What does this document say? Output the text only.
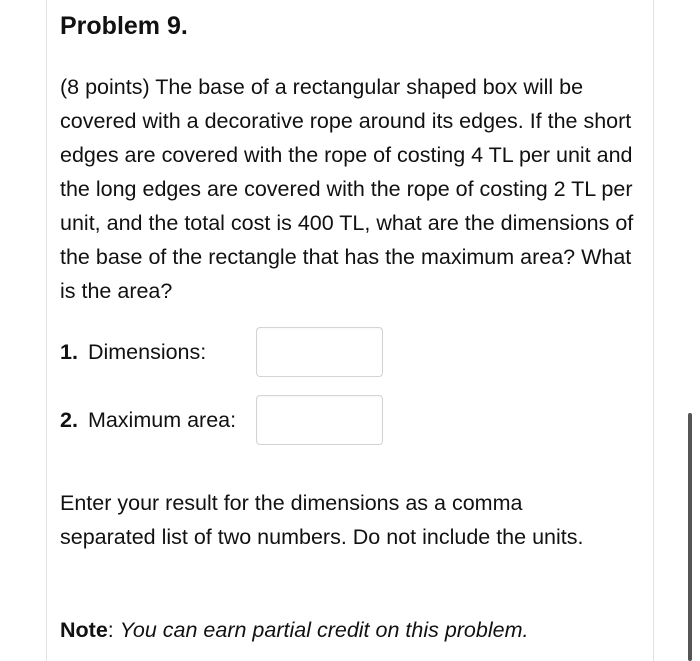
Problem 9.

(8 points) The base of a rectangular shaped box will be covered with a decorative rope around its edges. If the short edges are covered with the rope of costing 4 TL per unit and the long edges are covered with the rope of costing 2 TL per unit, and the total cost is 400 TL, what are the dimensions of the base of the rectangle that has the maximum area? What is the area?

1. Dimensions:
2. Maximum area:

Enter your result for the dimensions as a comma separated list of two numbers. Do not include the units.

Note: You can earn partial credit on this problem.
